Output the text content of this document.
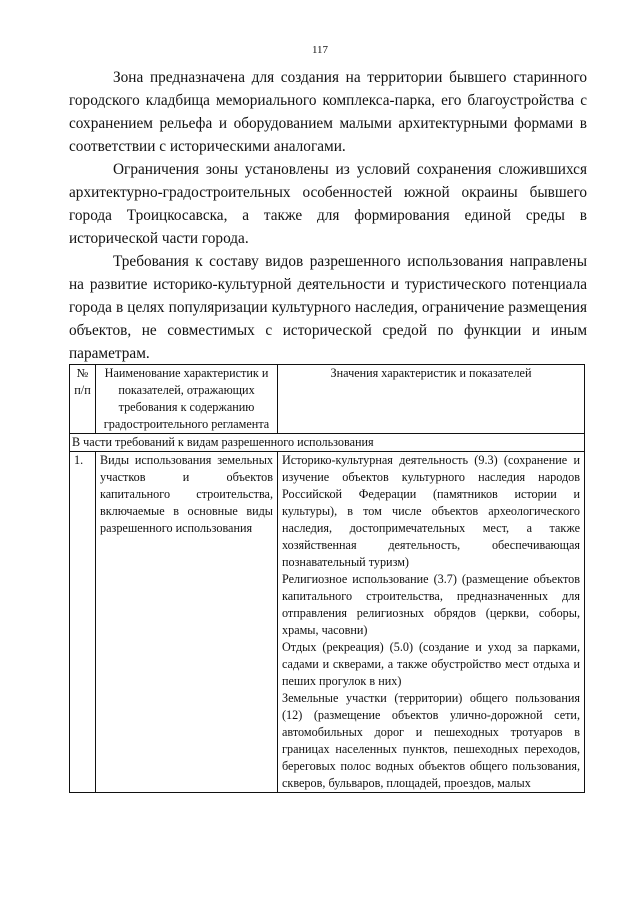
117

Зона предназначена для создания на территории бывшего старинного городского кладбища мемориального комплекса-парка, его благоустройства с сохранением рельефа и оборудованием малыми архитектурными формами в соответствии с историческими аналогами.

Ограничения зоны установлены из условий сохранения сложившихся архитектурно-градостроительных особенностей южной окраины бывшего города Троицкосавска, а также для формирования единой среды в исторической части города.

Требования к составу видов разрешенного использования направлены на развитие историко-культурной деятельности и туристического потенциала города в целях популяризации культурного наследия, ограничение размещения объектов, не совместимых с исторической средой по функции и иным параметрам.

№ п/п	Наименование характеристик и показателей, отражающих требования к содержанию градостроительного регламента	Значения характеристик и показателей
В части требований к видам разрешенного использования		
1.	Виды использования земельных участков и объектов капитального строительства, включаемые в основные виды разрешенного использования	Историко-культурная деятельность (9.3) (сохранение и изучение объектов культурного наследия народов Российской Федерации (памятников истории и культуры), в том числе объектов археологического наследия, достопримечательных мест, а также хозяйственная деятельность, обеспечивающая познавательный туризм)

Религиозное использование (3.7) (размещение объектов капитального строительства, предназначенных для отправления религиозных обрядов (церкви, соборы, храмы, часовни)

Отдых (рекреация) (5.0) (создание и уход за парками, садами и скверами, а также обустройство мест отдыха и пеших прогулок в них)

Земельные участки (территории) общего пользования (12) (размещение объектов улично-дорожной сети, автомобильных дорог и пешеходных тротуаров в границах населенных пунктов, пешеходных переходов, береговых полос водных объектов общего пользования, скверов, бульваров, площадей, проездов, малых
